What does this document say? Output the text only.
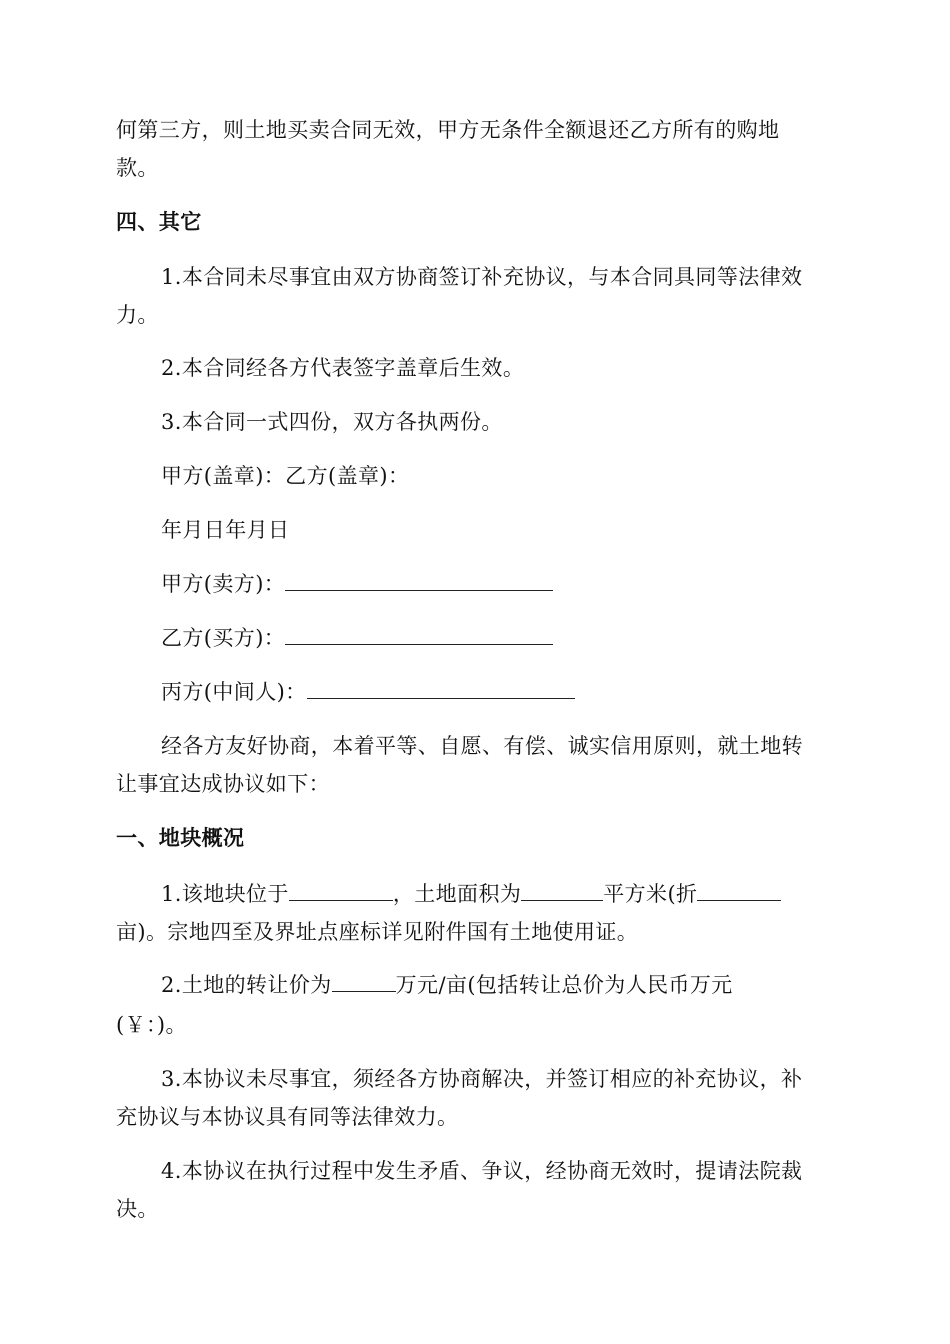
何第三方，则土地买卖合同无效，甲方无条件全额退还乙方所有的购地
款。
四、其它
1.本合同未尽事宜由双方协商签订补充协议，与本合同具同等法律效
力。
2.本合同经各方代表签字盖章后生效。
3.本合同一式四份，双方各执两份。
甲方(盖章)：乙方(盖章)：
年月日年月日
甲方(卖方)：
乙方(买方)：
丙方(中间人)：
经各方友好协商，本着平等、自愿、有偿、诚实信用原则，就土地转
让事宜达成协议如下：
一、地块概况
1.该地块位于	，土地面积为	平方米(折
亩)。宗地四至及界址点座标详见附件国有土地使用证。
2.土地的转让价为	万元/亩(包括转让总价为人民币万元
(￥：)。
3.本协议未尽事宜，须经各方协商解决，并签订相应的补充协议，补
充协议与本协议具有同等法律效力。
4.本协议在执行过程中发生矛盾、争议，经协商无效时，提请法院裁
决。
